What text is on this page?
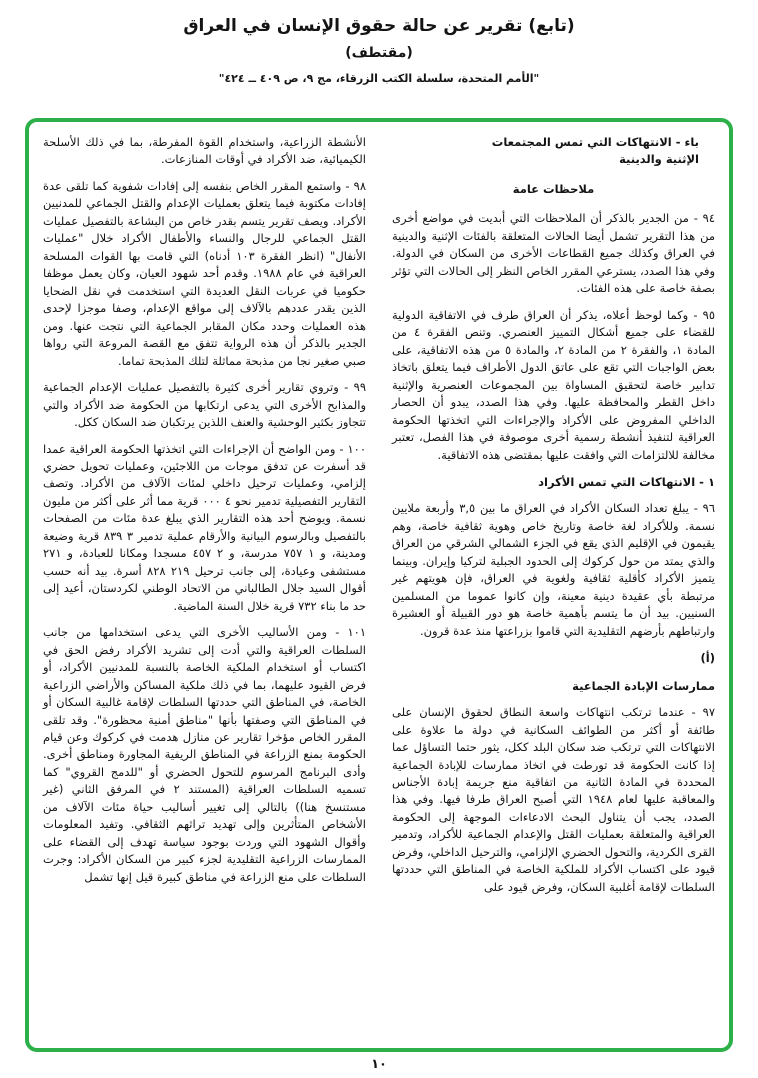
(تابع) تقرير عن حالة حقوق الإنسان في العراق
(مقتطف)
"الأمم المتحدة، سلسلة الكتب الزرقاء، مج ٩، ص ٤٠٩ ــ ٤٢٤"
باء - الانتهاكات التي تمس المجتمعات الإثنية والدينية
ملاحظات عامة
٩٤ - من الجدير بالذكر أن الملاحظات التي أبديت في مواضع أخرى من هذا التقرير تشمل أيضا الحالات المتعلقة بالفئات الإثنية والدينية في العراق وكذلك جميع القطاعات الأخرى من السكان في الدولة. وفي هذا الصدد، يسترعي المقرر الخاص النظر إلى الحالات التي تؤثر بصفة خاصة على هذه الفئات.
٩٥ - وكما لوحظ أعلاه، يذكر أن العراق طرف في الاتفاقية الدولية للقضاء على جميع أشكال التمييز العنصري. وتنص الفقرة ٤ من المادة ١، والفقرة ٢ من المادة ٢، والمادة ٥ من هذه الاتفاقية، على بعض الواجبات التي تقع على عاتق الدول الأطراف فيما يتعلق باتخاذ تدابير خاصة لتحقيق المساواة بين المجموعات العنصرية والإثنية داخل القطر والمحافظة عليها. وفي هذا الصدد، يبدو أن الحصار الداخلي المفروض على الأكراد والإجراءات التي اتخذتها الحكومة العراقية لتنفيذ أنشطة رسمية أخرى موصوفة في هذا الفصل، تعتبر مخالفة للالتزامات التي وافقت عليها بمقتضى هذه الاتفاقية.
١ - الانتهاكات التي تمس الأكراد
٩٦ - يبلغ تعداد السكان الأكراد في العراق ما بين ٣,٥ وأربعة ملايين نسمة. وللأكراد لغة خاصة وتاريخ خاص وهوية ثقافية خاصة، وهم يقيمون في الإقليم الذي يقع في الجزء الشمالي الشرقي من العراق والذي يمتد من حول كركوك إلى الحدود الجبلية لتركيا وإيران. وبينما يتميز الأكراد كأقلية ثقافية ولغوية في العراق، فإن هويتهم غير مرتبطة بأي عقيدة دينية معينة، وإن كانوا عموما من المسلمين السنيين. بيد أن ما يتسم بأهمية خاصة هو دور القبيلة أو العشيرة وارتباطهم بأرضهم التقليدية التي قاموا بزراعتها منذ عدة قرون.
(أ)
ممارسات الإبادة الجماعية
٩٧ - عندما ترتكب انتهاكات واسعة النطاق لحقوق الإنسان على طائفة أو أكثر من الطوائف السكانية في دولة ما علاوة على الانتهاكات التي ترتكب ضد سكان البلد ككل، يثور حتما التساؤل عما إذا كانت الحكومة قد تورطت في اتخاذ ممارسات للإبادة الجماعية المحددة في المادة الثانية من اتفاقية منع جريمة إبادة الأجناس والمعاقبة عليها لعام ١٩٤٨ التي أصبح العراق طرفا فيها. وفي هذا الصدد، يجب أن يتناول البحث الادعاءات الموجهة إلى الحكومة العراقية والمتعلقة بعمليات القتل والإعدام الجماعية للأكراد، وتدمير القرى الكردية، والتحول الحضري الإلزامي، والترحيل الداخلي، وفرض قيود على اكتساب الأكراد للملكية الخاصة في المناطق التي حددتها السلطات لإقامة أغلبية السكان، وفرض قيود على
الأنشطة الزراعية، واستخدام القوة المفرطة، بما في ذلك الأسلحة الكيميائية، ضد الأكراد في أوقات المنازعات.
٩٨ - واستمع المقرر الخاص بنفسه إلى إفادات شفوية كما تلقى عدة إفادات مكتوبة فيما يتعلق بعمليات الإعدام والقتل الجماعي للمدنيين الأكراد. ويصف تقرير يتسم بقدر خاص من البشاعة بالتفصيل عمليات القتل الجماعي للرجال والنساء والأطفال الأكراد خلال "عمليات الأنفال" (انظر الفقرة ١٠٣ أدناه) التي قامت بها القوات المسلحة العراقية في عام ١٩٨٨. وقدم أحد شهود العيان، وكان يعمل موظفا حكوميا في عربات النقل العديدة التي استخدمت في نقل الضحايا الذين يقدر عددهم بالآلاف إلى مواقع الإعدام، وصفا موجزا لإحدى هذه العمليات وحدد مكان المقابر الجماعية التي نتجت عنها. ومن الجدير بالذكر أن هذه الرواية تتفق مع القصة المروعة التي رواها صبي صغير نجا من مذبحة مماثلة لتلك المذبحة تماما.
٩٩ - وتروي تقارير أخرى كثيرة بالتفصيل عمليات الإعدام الجماعية والمذابح الأخرى التي يدعى ارتكابها من الحكومة ضد الأكراد والتي تتجاوز بكثير الوحشية والعنف اللذين يرتكبان ضد السكان ككل.
١٠٠ - ومن الواضح أن الإجراءات التي اتخذتها الحكومة العراقية عمدا قد أسفرت عن تدفق موجات من اللاجئين، وعمليات تحويل حضري إلزامي، وعمليات ترحيل داخلي لمئات الآلاف من الأكراد. وتصف التقارير التفصيلية تدمير نحو ٤ ٠٠٠ قرية مما أثر على أكثر من مليون نسمة. ويوضح أحد هذه التقارير الذي يبلغ عدة مئات من الصفحات بالتفصيل وبالرسوم البيانية والأرقام عملية تدمير ٣ ٨٣٩ قرية وضيعة ومدينة، و ١ ٧٥٧ مدرسة، و ٢ ٤٥٧ مسجدا ومكانا للعبادة، و ٢٧١ مستشفى وعيادة، إلى جانب ترحيل ٢١٩ ٨٢٨ أسرة. بيد أنه حسب أقوال السيد جلال الطالباني من الاتحاد الوطني لكردستان، أعيد إلى حد ما بناء ٧٣٢ قرية خلال السنة الماضية.
١٠١ - ومن الأساليب الأخرى التي يدعى استخدامها من جانب السلطات العراقية والتي أدت إلى تشريد الأكراد رفض الحق في اكتساب أو استخدام الملكية الخاصة بالنسبة للمدنيين الأكراد، أو فرض القيود عليهما، بما في ذلك ملكية المساكن والأراضي الزراعية الخاصة، في المناطق التي حددتها السلطات لإقامة غالبية السكان أو في المناطق التي وصفتها بأنها "مناطق أمنية محظورة". وقد تلقى المقرر الخاص مؤخرا تقارير عن منازل هدمت في كركوك وعن قيام الحكومة بمنع الزراعة في المناطق الريفية المجاورة ومناطق أخرى. وأدى البرنامج المرسوم للتحول الحضري أو "للدمج القروي" كما تسميه السلطات العراقية (المستند ٢ في المرفق الثاني (غير مستنسخ هنا)) بالتالي إلى تغيير أساليب حياة مئات الآلاف من الأشخاص المتأثرين وإلى تهديد تراثهم الثقافي. وتفيد المعلومات وأقوال الشهود التي وردت بوجود سياسة تهدف إلى القضاء على الممارسات الزراعية التقليدية لجزء كبير من السكان الأكراد: وجرت السلطات على منع الزراعة في مناطق كبيرة قيل إنها تشمل
١٠
